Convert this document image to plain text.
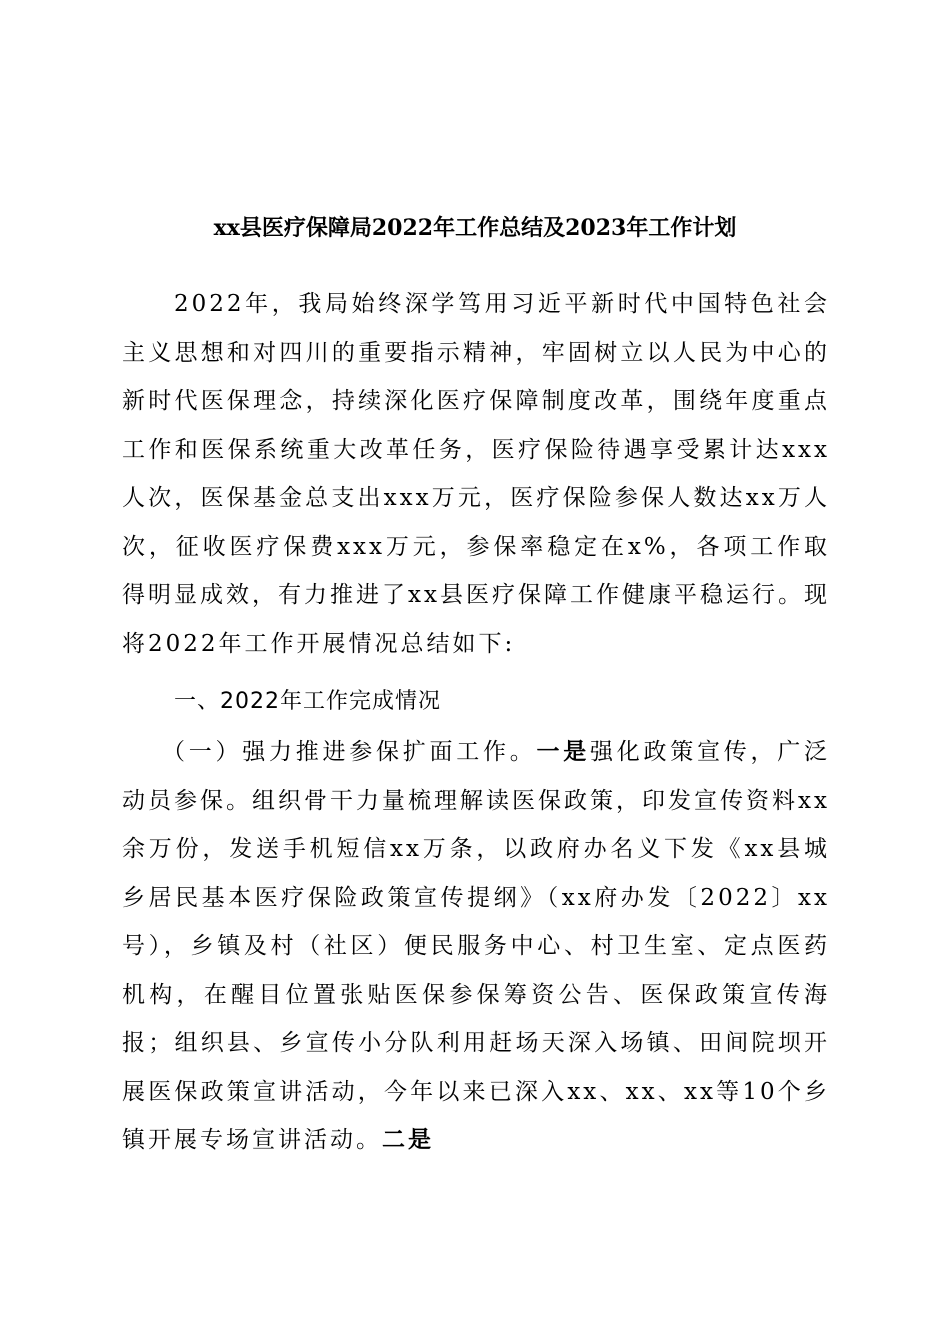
xx县医疗保障局2022年工作总结及2023年工作计划

2022年，我局始终深学笃用习近平新时代中国特色社会主义思想和对四川的重要指示精神，牢固树立以人民为中心的新时代医保理念，持续深化医疗保障制度改革，围绕年度重点工作和医保系统重大改革任务，医疗保险待遇享受累计达xxx人次，医保基金总支出xxx万元，医疗保险参保人数达xx万人次，征收医疗保费xxx万元，参保率稳定在x%，各项工作取得明显成效，有力推进了xx县医疗保障工作健康平稳运行。现将2022年工作开展情况总结如下:

一、2022年工作完成情况

（一）强力推进参保扩面工作。一是强化政策宣传，广泛动员参保。组织骨干力量梳理解读医保政策，印发宣传资料xx余万份，发送手机短信xx万条，以政府办名义下发《xx县城乡居民基本医疗保险政策宣传提纲》（xx府办发〔2022〕xx号），乡镇及村（社区）便民服务中心、村卫生室、定点医药机构，在醒目位置张贴医保参保筹资公告、医保政策宣传海报；组织县、乡宣传小分队利用赶场天深入场镇、田间院坝开展医保政策宣讲活动，今年以来已深入xx、xx、xx等10个乡镇开展专场宣讲活动。二是
